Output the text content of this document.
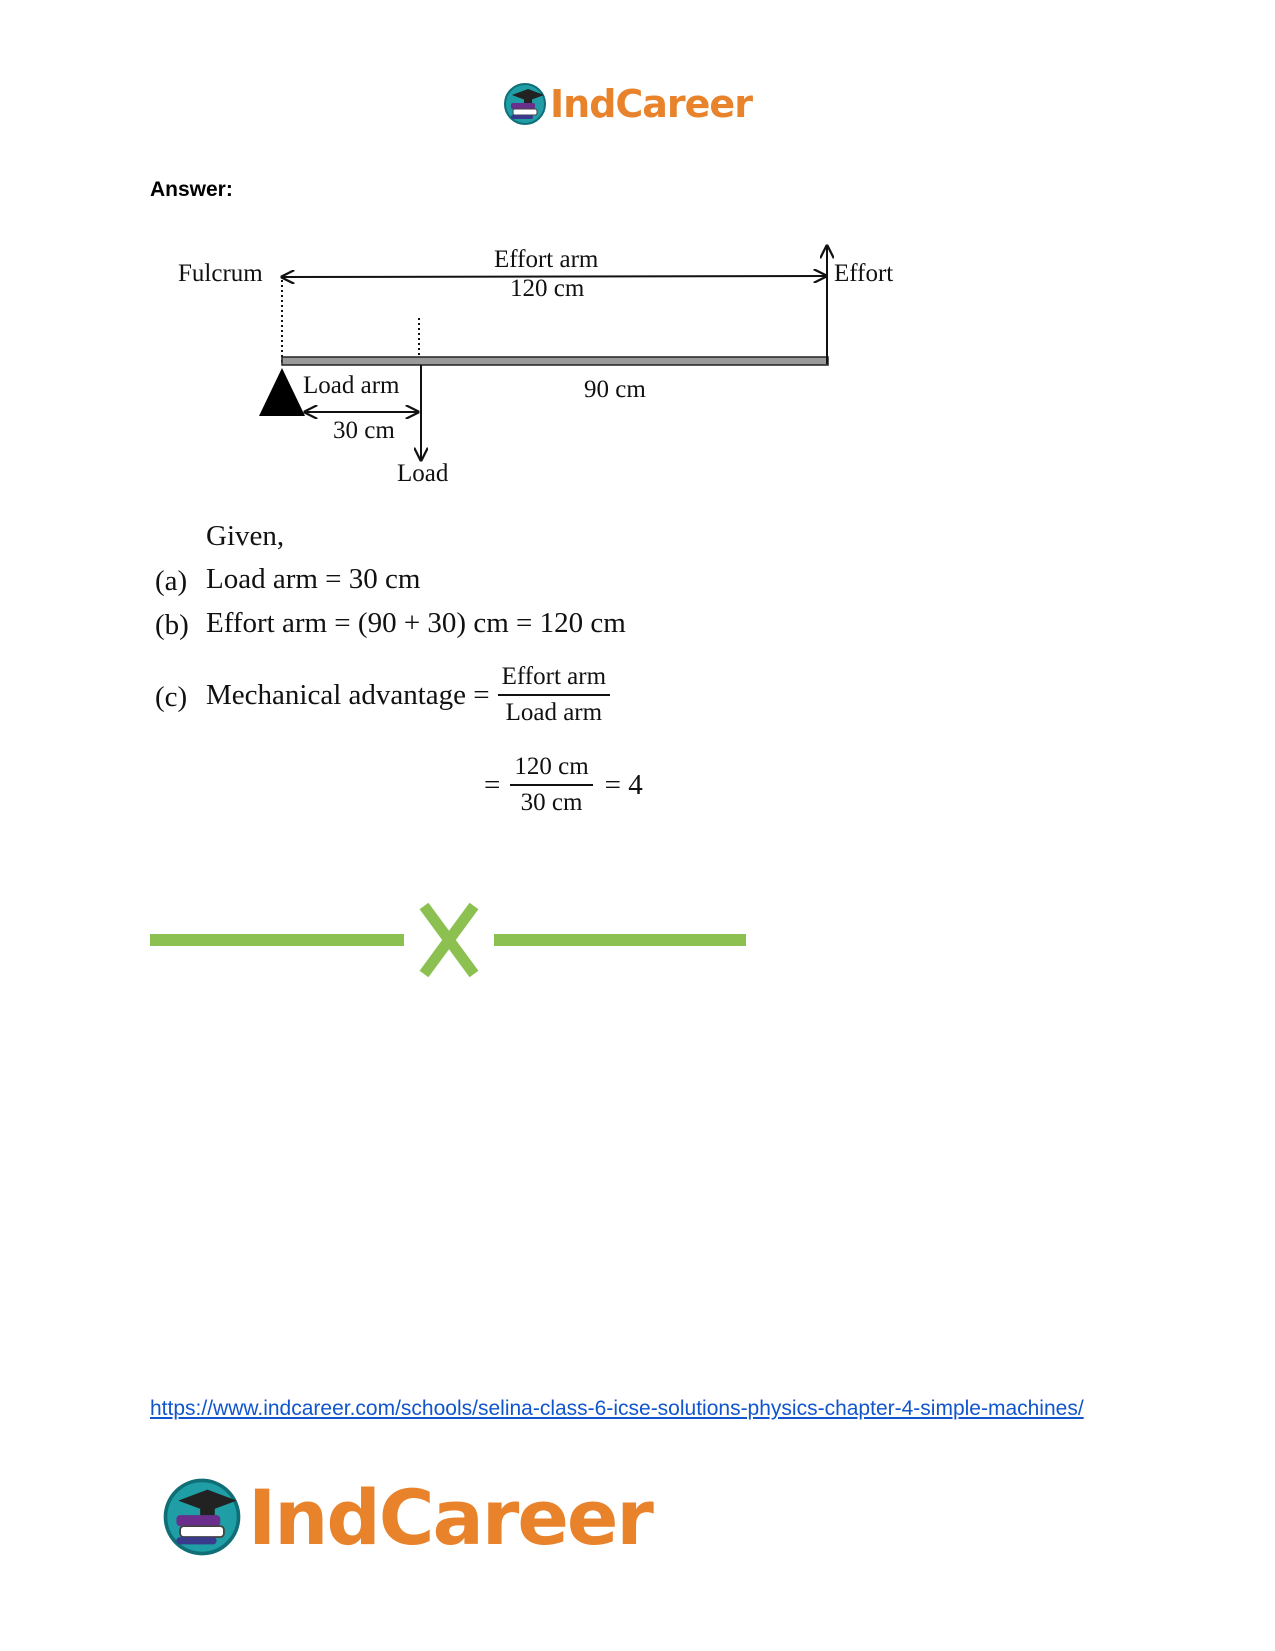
IndCareer
Answer:
Fulcrum
Effort arm
120 cm
Effort
Load arm	90 cm
30 cm
Load
Given,
(a) Load arm = 30 cm
(b) Effort arm = (90 + 30) cm = 120 cm
(c) Mechanical advantage = $\frac{\text{Effort arm}}{\text{Load arm}}$
= $\frac{120 cm}{30 cm} = 4$
https://www.indcareer.com/schools/selina-class-6-icse-solutions-physics-chapter-4-simple-machines/
IndCareer
